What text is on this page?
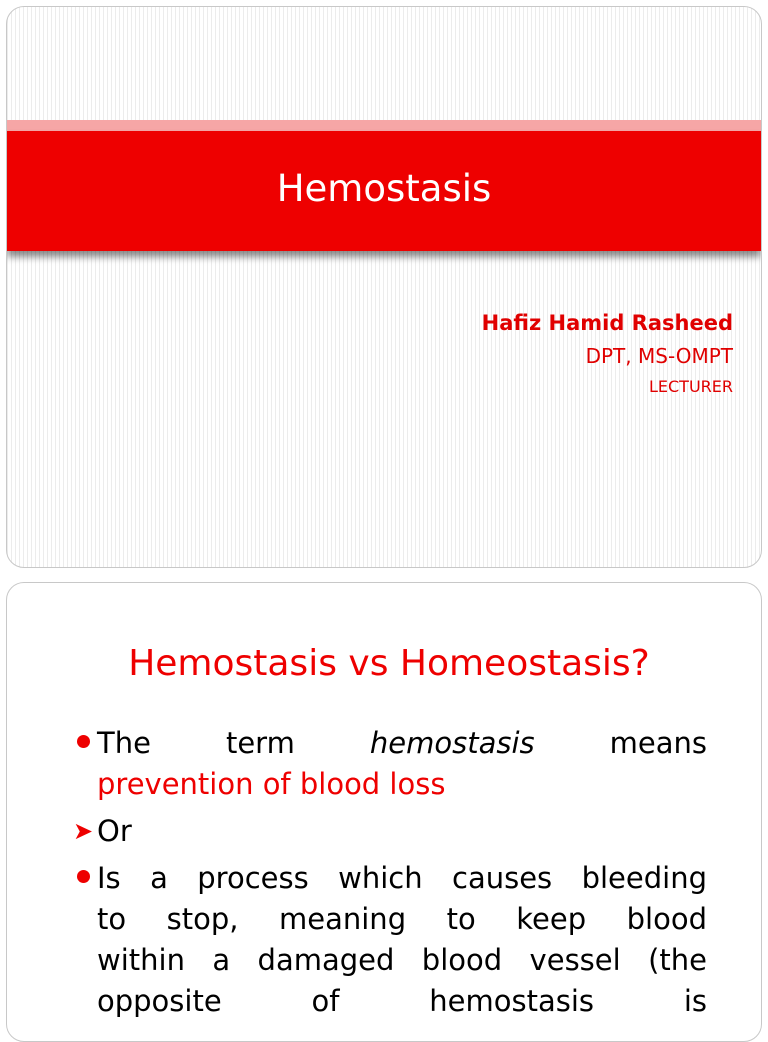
Hemostasis
Hafiz Hamid Rasheed
DPT, MS-OMPT
LECTURER
Hemostasis vs Homeostasis?
The	term	hemostasis	means
prevention of blood loss
➤ Or
Is a process which causes bleeding
to stop, meaning to keep blood
within a damaged blood vessel (the
opposite	of	hemostasis	is
